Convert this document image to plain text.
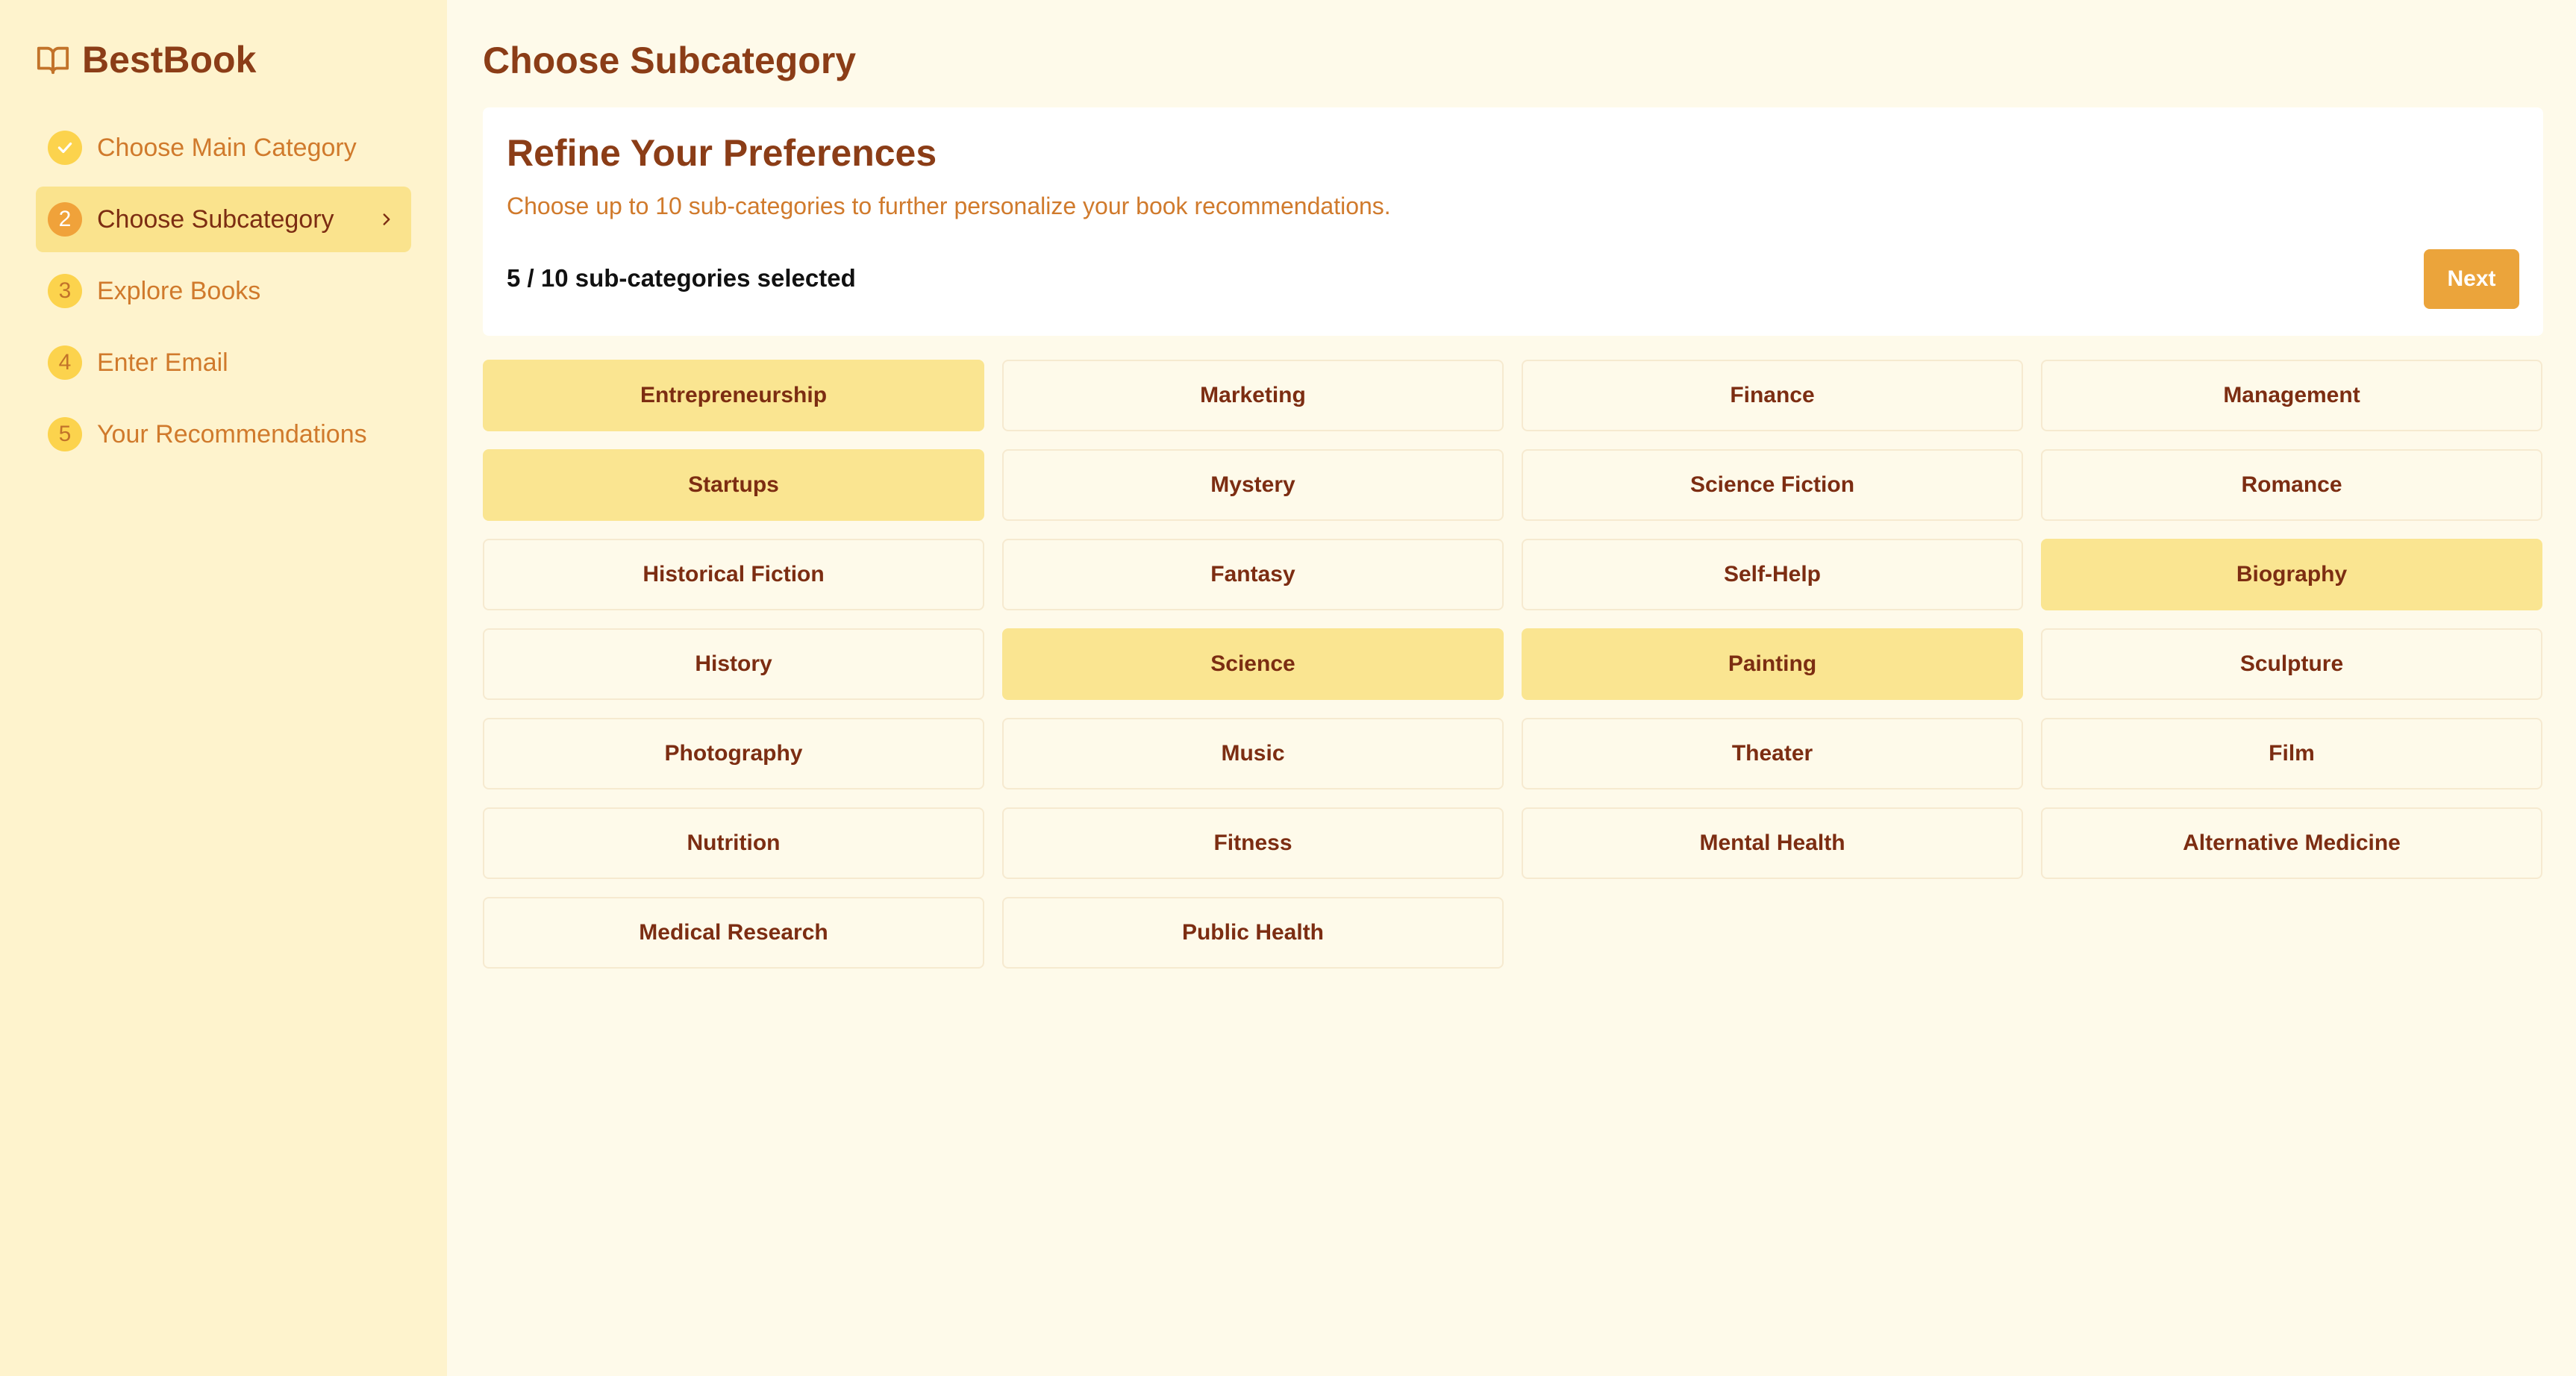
BestBook
Choose Main Category
2	Choose Subcategory
3	Explore Books
4	Enter Email
5	Your Recommendations
Choose Subcategory
Refine Your Preferences

Choose up to 10 sub-categories to further personalize your book recommendations.

5 / 10 sub-categories selected	Next
Entrepreneurship	Marketing	Finance	Management
Startups	Mystery	Science Fiction	Romance
Historical Fiction	Fantasy	Self-Help	Biography
History	Science	Painting	Sculpture
Photography	Music	Theater	Film
Nutrition	Fitness	Mental Health	Alternative Medicine
Medical Research	Public Health
